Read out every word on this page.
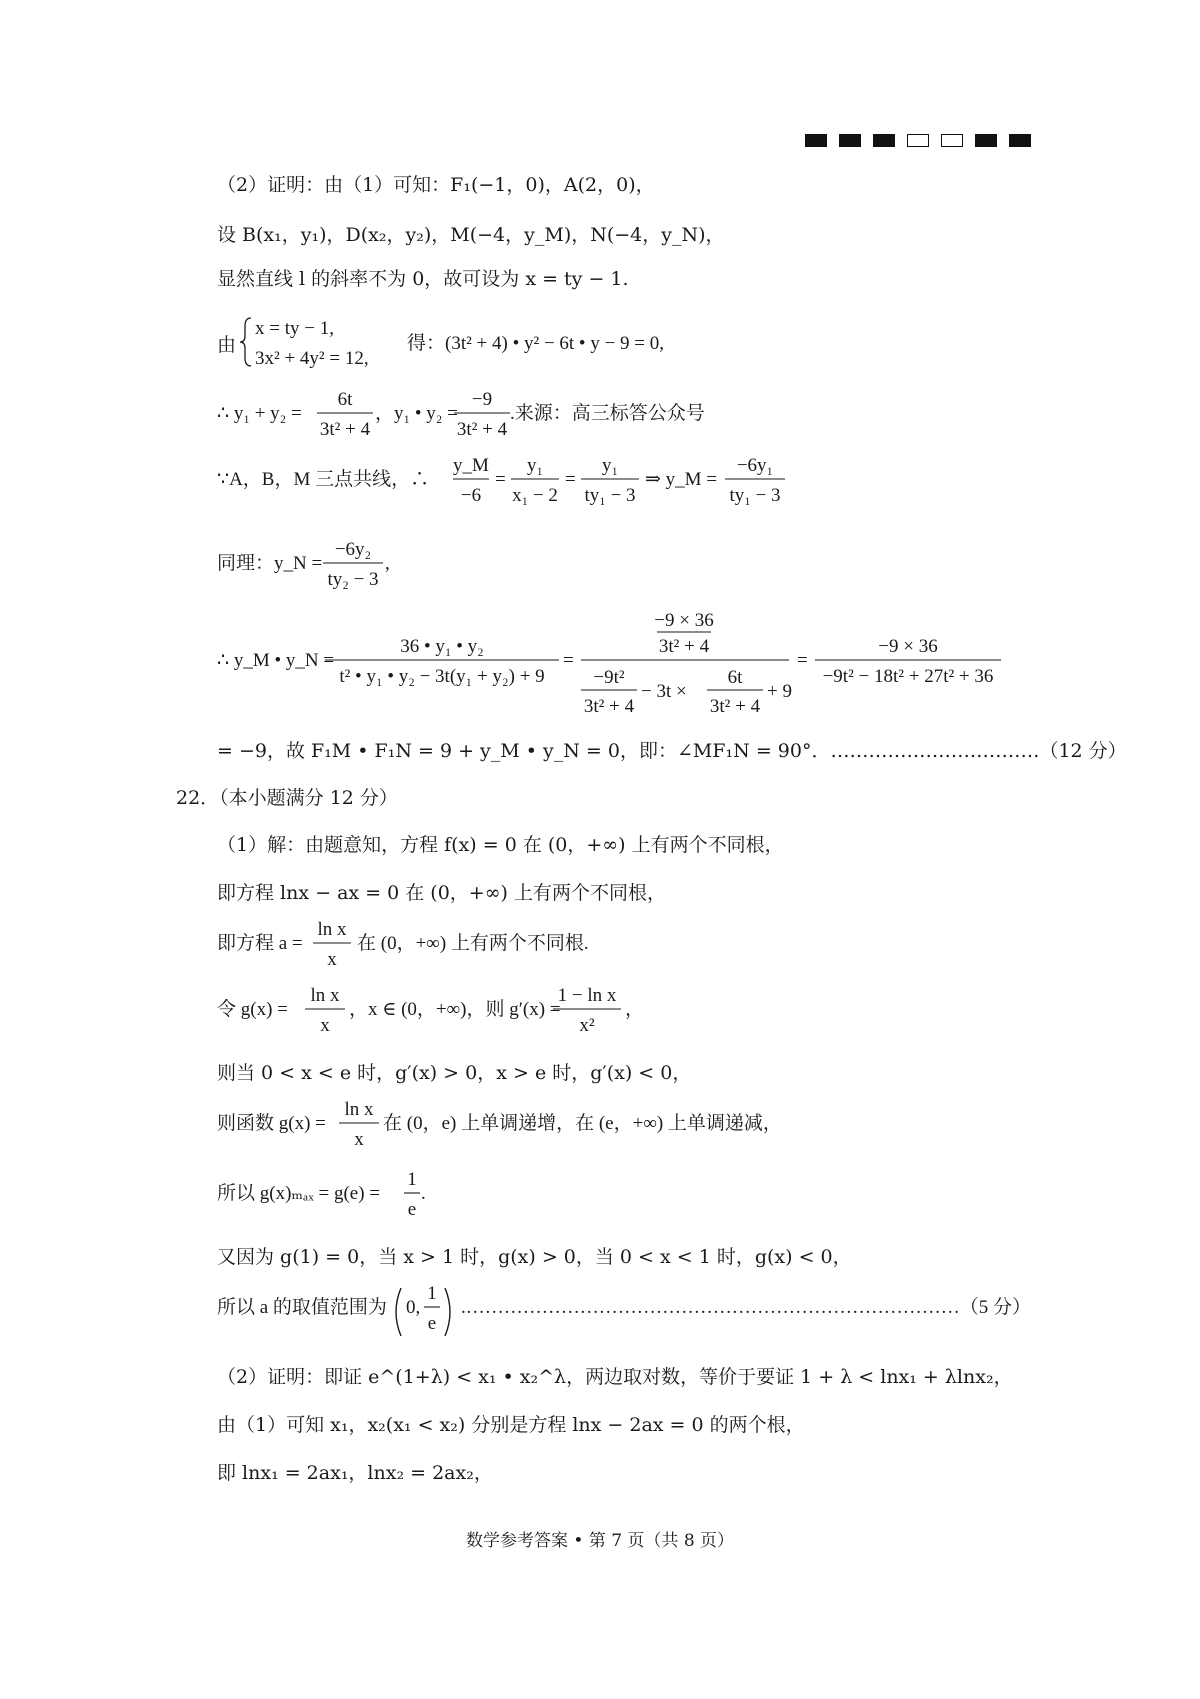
（2）证明：由（1）可知：F₁(−1，0)，A(2，0)，
设 B(x₁，y₁)，D(x₂，y₂)，M(−4，y_M)，N(−4，y_N)，
显然直线 l 的斜率不为 0，故可设为 x = ty − 1.
由
x = ty − 1,
3x² + 4y² = 12,
得：(3t² + 4) • y² − 6t • y − 9 = 0,
∴ y₁ + y₂ =
6t
3t² + 4
，y₁ • y₂ =
−9
3t² + 4
.来源：高三标答公众号
∵A，B，M 三点共线，∴
y_M
−6
=
y₁
x₁ − 2
=
y₁
ty₁ − 3
⇒ y_M =
−6y₁
ty₁ − 3
同理：y_N =
−6y₂
ty₂ − 3
,
∴ y_M • y_N =
36 • y₁ • y₂
t² • y₁ • y₂ − 3t(y₁ + y₂) + 9
=
−9 × 36
3t² + 4
−9t²
3t² + 4
− 3t ×
6t
3t² + 4
+ 9
=
−9 × 36
−9t² − 18t² + 27t² + 36
= −9，故 F₁M • F₁N = 9 + y_M • y_N = 0，即：∠MF₁N = 90°．……………………………（12 分）
22．（本小题满分 12 分）
（1）解：由题意知，方程 f(x) = 0 在 (0，+∞) 上有两个不同根，
即方程 lnx − ax = 0 在 (0，+∞) 上有两个不同根，
即方程 a =
ln x
x
在 (0，+∞) 上有两个不同根.
令 g(x) =
ln x
x
，x ∈ (0，+∞)，则 g′(x) =
1 − ln x
x²
，
则当 0 < x < e 时，g′(x) > 0，x > e 时，g′(x) < 0，
则函数 g(x) =
ln x
x
在 (0，e) 上单调递增，在 (e，+∞) 上单调递减，
所以 g(x)ₘₐₓ = g(e) =
1
e
.
又因为 g(1) = 0，当 x > 1 时，g(x) > 0，当 0 < x < 1 时，g(x) < 0，
所以 a 的取值范围为 0,
1
e
.……………………………………………………………………（5 分）
（2）证明：即证 e^(1+λ) < x₁ • x₂^λ，两边取对数，等价于要证 1 + λ < lnx₁ + λlnx₂，
由（1）可知 x₁，x₂(x₁ < x₂) 分别是方程 lnx − 2ax = 0 的两个根，
即 lnx₁ = 2ax₁，lnx₂ = 2ax₂，
数学参考答案 • 第 7 页（共 8 页）
